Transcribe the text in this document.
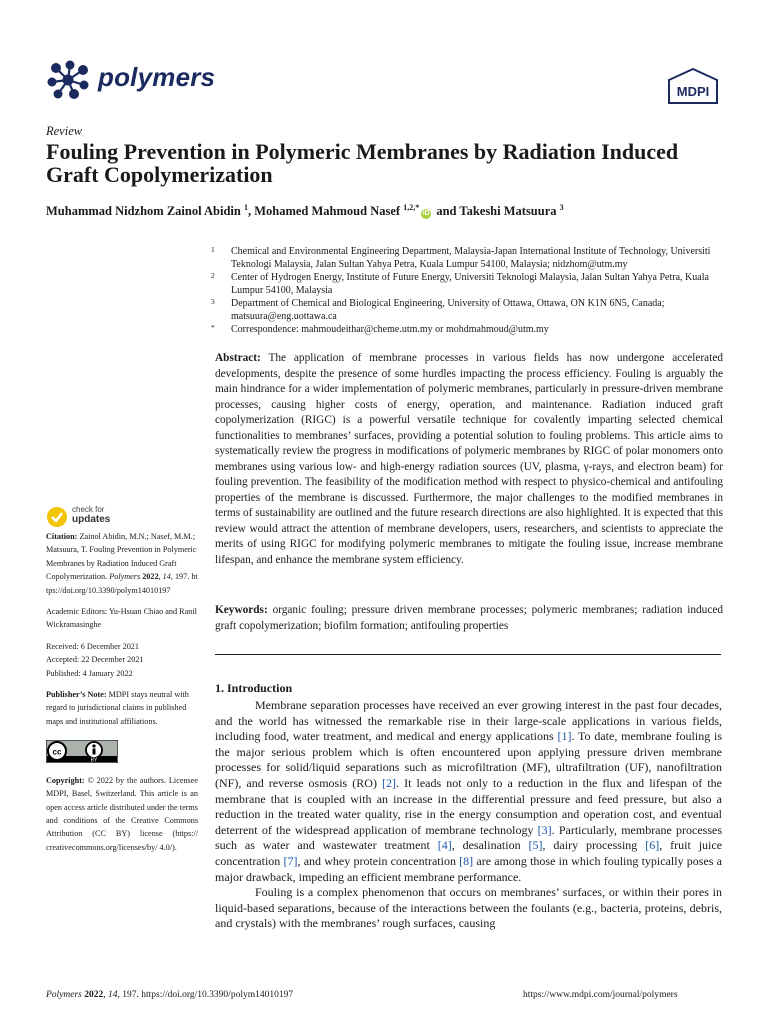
polymers	MDPI
Review
Fouling Prevention in Polymeric Membranes by Radiation Induced Graft Copolymerization
Muhammad Nidzhom Zainol Abidin $^1$, Mohamed Mahmoud Nasef $^{1,2,*}$iD and Takeshi Matsuura $^3$
1 Chemical and Environmental Engineering Department, Malaysia-Japan International Institute of Technology, Universiti Teknologi Malaysia, Jalan Sultan Yahya Petra, Kuala Lumpur 54100, Malaysia; nidzhom@utm.my
2 Center of Hydrogen Energy, Institute of Future Energy, Universiti Teknologi Malaysia, Jalan Sultan Yahya Petra, Kuala Lumpur 54100, Malaysia
3 Department of Chemical and Biological Engineering, University of Ottawa, Ottawa, ON K1N 6N5, Canada; matsuura@eng.uottawa.ca
* Correspondence: mahmoudeithar@cheme.utm.my or mohdmahmoud@utm.my
Abstract: The application of membrane processes in various fields has now undergone accelerated developments, despite the presence of some hurdles impacting the process efficiency. Fouling is arguably the main hindrance for a wider implementation of polymeric membranes, particularly in pressure-driven membrane processes, causing higher costs of energy, operation, and maintenance. Radiation induced graft copolymerization (RIGC) is a powerful versatile technique for covalently imparting selected chemical functionalities to membranes’ surfaces, providing a potential solution to fouling problems. This article aims to systematically review the progress in modifications of polymeric membranes by RIGC of polar monomers onto membranes using various low- and high-energy radiation sources (UV, plasma, γ-rays, and electron beam) for fouling prevention. The feasibility of the modification method with respect to physico-chemical and antifouling properties of the membrane is discussed. Furthermore, the major challenges to the modified membranes in terms of sustainability are outlined and the future research directions are also highlighted. It is expected that this review would attract the attention of membrane developers, users, researchers, and scientists to appreciate the merits of using RIGC for modifying polymeric membranes to mitigate the fouling issue, increase membrane lifespan, and enhance the membrane system efficiency.
Keywords: organic fouling; pressure driven membrane processes; polymeric membranes; radiation induced graft copolymerization; biofilm formation; antifouling properties
1. Introduction

Membrane separation processes have received an ever growing interest in the past four decades, and the world has witnessed the remarkable rise in their large-scale applications in various fields, including food, water treatment, and medical and energy applications [1]. To date, membrane fouling is the major serious problem which is often encountered upon applying pressure driven membrane processes for solid/liquid separations such as microfiltration (MF), ultrafiltration (UF), nanofiltration (NF), and reverse osmosis (RO) [2]. It leads not only to a reduction in the flux and lifespan of the membrane that is coupled with an increase in the differential pressure and feed pressure, but also a reduction in the treated water quality, rise in the energy consumption and operation cost, and eventual deterrent of the widespread application of membrane technology [3]. Particularly, membrane processes such as water and wastewater treatment [4], desalination [5], dairy processing [6], fruit juice concentration [7], and whey protein concentration [8] are among those in which fouling typically poses a major drawback, impeding an efficient membrane performance.

Fouling is a complex phenomenon that occurs on membranes’ surfaces, or within their pores in liquid-based separations, because of the interactions between the foulants (e.g., bacteria, proteins, debris, and crystals) with the membranes’ rough surfaces, causing

check for
updates

Citation: Zainol Abidin, M.N.; Nasef, M.M.; Matsuura, T. Fouling Prevention in Polymeric Membranes by Radiation Induced Graft Copolymerization. Polymers 2022, 14, 197. https://doi.org/10.3390/polym14010197

Academic Editors: Yu-Hsuan Chiao and Ranil Wickramasinghe

Received: 6 December 2021
Accepted: 22 December 2021
Published: 4 January 2022

Publisher’s Note: MDPI stays neutral with regard to jurisdictional claims in published maps and institutional affiliations.

cc
BY

Copyright: © 2022 by the authors. Licensee MDPI, Basel, Switzerland. This article is an open access article distributed under the terms and conditions of the Creative Commons Attribution (CC BY) license (https:// creativecommons.org/licenses/by/ 4.0/).

Polymers 2022, 14, 197. https://doi.org/10.3390/polym14010197	https://www.mdpi.com/journal/polymers
